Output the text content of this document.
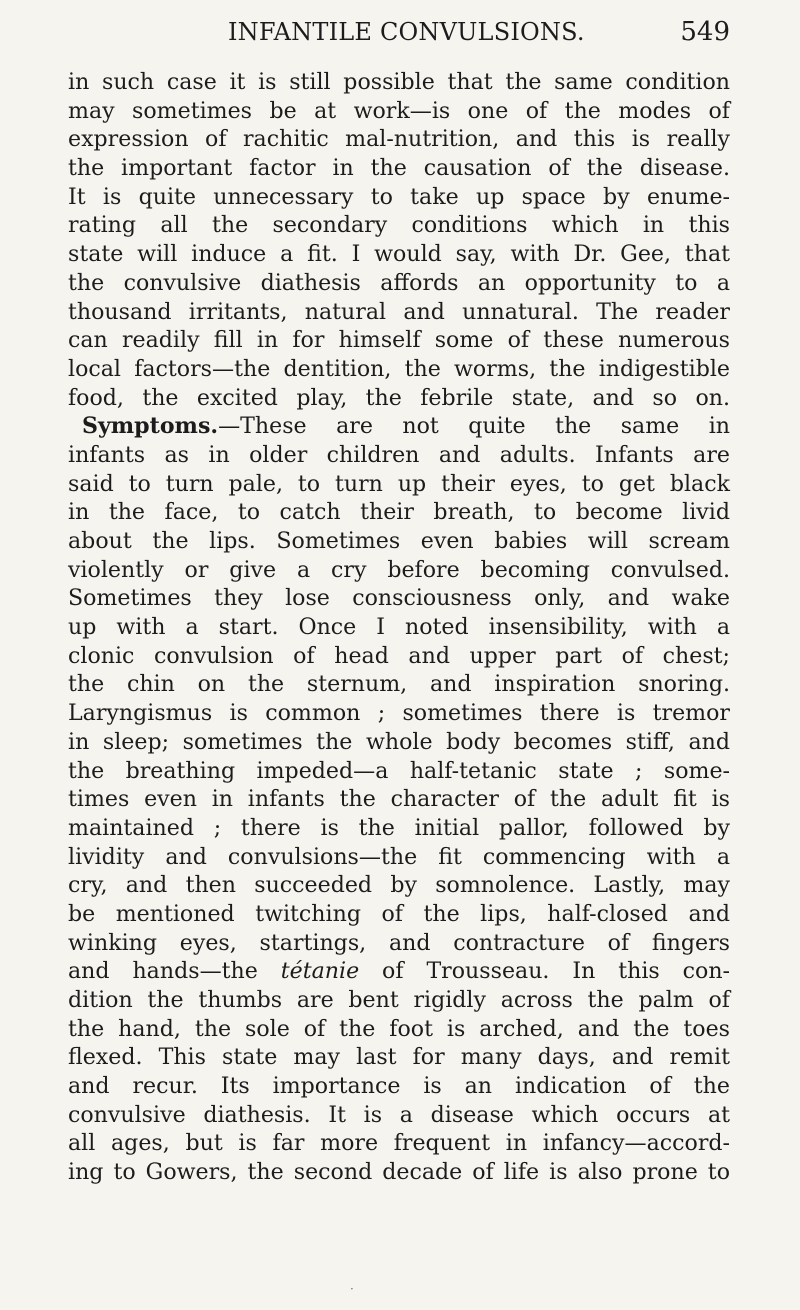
INFANTILE CONVULSIONS.	549
in such case it is still possible that the same condition
may sometimes be at work—is one of the modes of
expression of rachitic mal-nutrition, and this is really
the important factor in the causation of the disease.
It is quite unnecessary to take up space by enume-
rating all the secondary conditions which in this
state will induce a fit. I would say, with Dr. Gee, that
the convulsive diathesis affords an opportunity to a
thousand irritants, natural and unnatural. The reader
can readily fill in for himself some of these numerous
local factors—the dentition, the worms, the indigestible
food, the excited play, the febrile state, and so on.
Symptoms.—These are not quite the same in
infants as in older children and adults. Infants are
said to turn pale, to turn up their eyes, to get black
in the face, to catch their breath, to become livid
about the lips. Sometimes even babies will scream
violently or give a cry before becoming convulsed.
Sometimes they lose consciousness only, and wake
up with a start. Once I noted insensibility, with a
clonic convulsion of head and upper part of chest;
the chin on the sternum, and inspiration snoring.
Laryngismus is common ; sometimes there is tremor
in sleep; sometimes the whole body becomes stiff, and
the breathing impeded—a half-tetanic state ; some-
times even in infants the character of the adult fit is
maintained ; there is the initial pallor, followed by
lividity and convulsions—the fit commencing with a
cry, and then succeeded by somnolence. Lastly, may
be mentioned twitching of the lips, half-closed and
winking eyes, startings, and contracture of fingers
and hands—the tétanie of Trousseau. In this con-
dition the thumbs are bent rigidly across the palm of
the hand, the sole of the foot is arched, and the toes
flexed. This state may last for many days, and remit
and recur. Its importance is an indication of the
convulsive diathesis. It is a disease which occurs at
all ages, but is far more frequent in infancy—accord-
ing to Gowers, the second decade of life is also prone to
·
